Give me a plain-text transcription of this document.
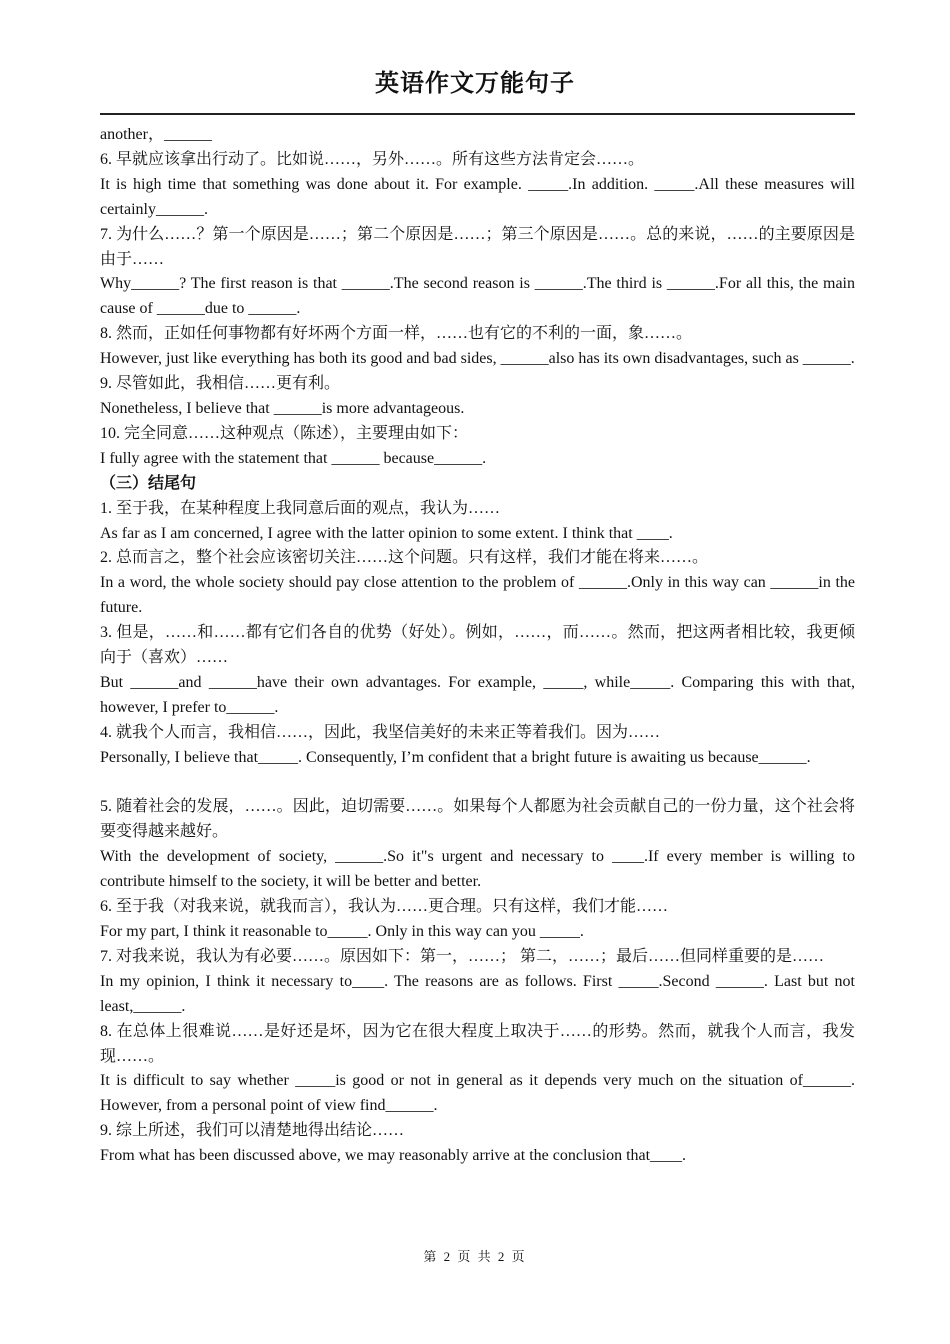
英语作文万能句子
another，______
6. 早就应该拿出行动了。比如说……，另外……。所有这些方法肯定会……。
It is high time that something was done about it. For example. _____.In addition. _____.All these measures will certainly______.
7. 为什么……？第一个原因是……；第二个原因是……；第三个原因是……。总的来说，……的主要原因是由于……
Why______? The first reason is that ______.The second reason is ______.The third is ______.For all this, the main cause of ______due to ______.
8. 然而，正如任何事物都有好坏两个方面一样，……也有它的不利的一面，象……。
However, just like everything has both its good and bad sides, ______also has its own disadvantages, such as ______.
9. 尽管如此，我相信……更有利。
Nonetheless, I believe that ______is more advantageous.
10. 完全同意……这种观点（陈述），主要理由如下：
I fully agree with the statement that ______ because______.
（三）结尾句
1. 至于我，在某种程度上我同意后面的观点，我认为……
As far as I am concerned, I agree with the latter opinion to some extent. I think that ____.
2. 总而言之，整个社会应该密切关注……这个问题。只有这样，我们才能在将来……。
In a word, the whole society should pay close attention to the problem of ______.Only in this way can ______in the future.
3. 但是，……和……都有它们各自的优势（好处）。例如，……，而……。然而，把这两者相比较，我更倾向于（喜欢）……
But ______and ______have their own advantages. For example, _____, while_____. Comparing this with that, however, I prefer to______.
4. 就我个人而言，我相信……，因此，我坚信美好的未来正等着我们。因为……
Personally, I believe that_____. Consequently, I’m confident that a bright future is awaiting us because______.
5. 随着社会的发展，……。因此，迫切需要……。如果每个人都愿为社会贡献自己的一份力量，这个社会将要变得越来越好。
With the development of society, ______.So it"s urgent and necessary to ____.If every member is willing to contribute himself to the society, it will be better and better.
6. 至于我（对我来说，就我而言），我认为……更合理。只有这样，我们才能……
For my part, I think it reasonable to_____. Only in this way can you _____.
7. 对我来说，我认为有必要……。原因如下：第一，……； 第二，……；最后……但同样重要的是……
In my opinion, I think it necessary to____. The reasons are as follows. First _____.Second ______. Last but not least,______.
8. 在总体上很难说……是好还是坏，因为它在很大程度上取决于……的形势。然而，就我个人而言，我发现……。
It is difficult to say whether _____is good or not in general as it depends very much on the situation of______. However, from a personal point of view find______.
9. 综上所述，我们可以清楚地得出结论……
From what has been discussed above, we may reasonably arrive at the conclusion that____.
第 2 页 共 2 页
